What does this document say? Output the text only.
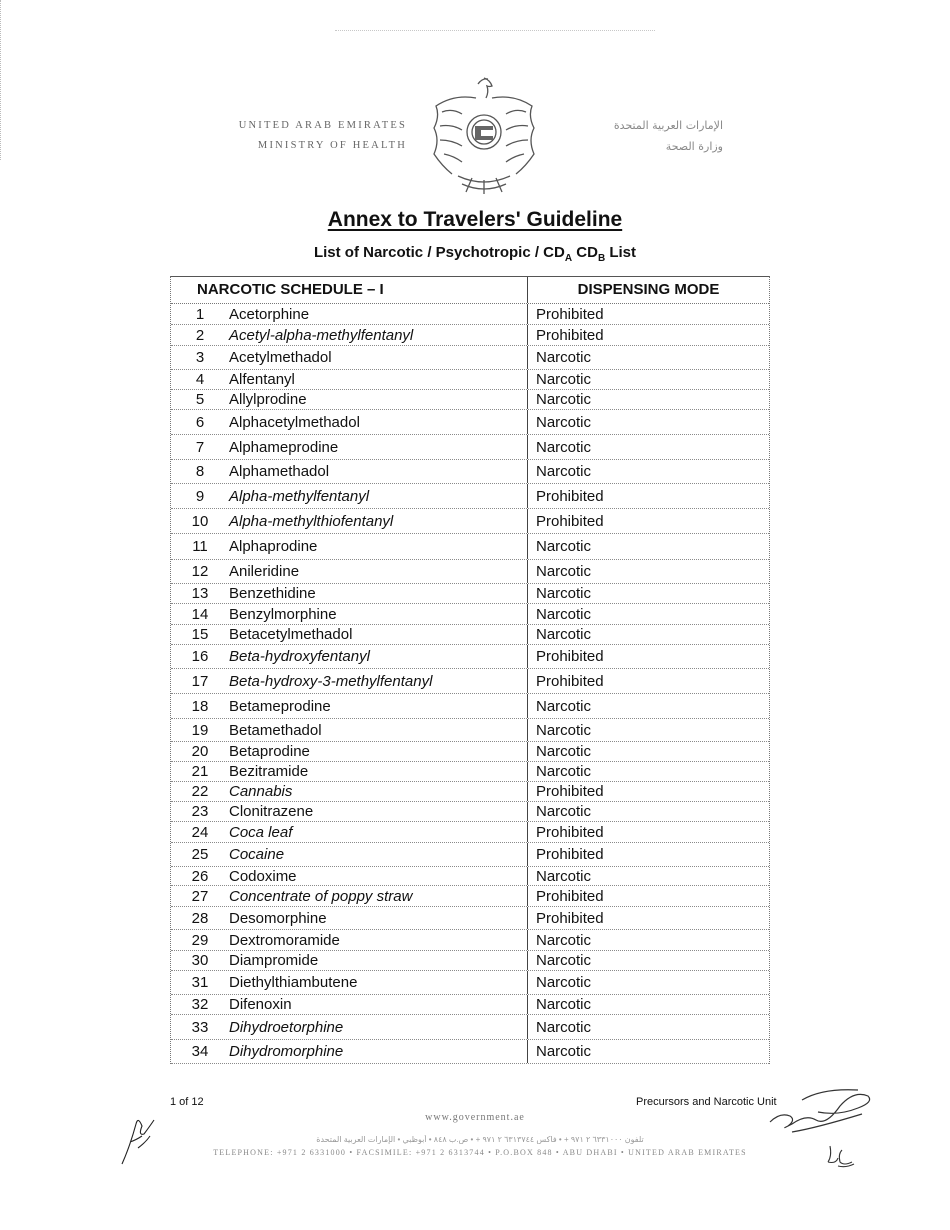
UNITED ARAB EMIRATES
MINISTRY OF HEALTH
الإمارات العربية المتحدة
وزارة الصحة
Annex to Travelers' Guideline
List of Narcotic / Psychotropic / $CD_A$ $CD_B$ List
NARCOTIC SCHEDULE – I	DISPENSING MODE
1	Acetorphine	Prohibited
2	Acetyl-alpha-methylfentanyl	Prohibited
3	Acetylmethadol	Narcotic
4	Alfentanyl	Narcotic
5	Allylprodine	Narcotic
6	Alphacetylmethadol	Narcotic
7	Alphameprodine	Narcotic
8	Alphamethadol	Narcotic
9	Alpha-methylfentanyl	Prohibited
10	Alpha-methylthiofentanyl	Prohibited
11	Alphaprodine	Narcotic
12	Anileridine	Narcotic
13	Benzethidine	Narcotic
14	Benzylmorphine	Narcotic
15	Betacetylmethadol	Narcotic
16	Beta-hydroxyfentanyl	Prohibited
17	Beta-hydroxy-3-methylfentanyl	Prohibited
18	Betameprodine	Narcotic
19	Betamethadol	Narcotic
20	Betaprodine	Narcotic
21	Bezitramide	Narcotic
22	Cannabis	Prohibited
23	Clonitrazene	Narcotic
24	Coca leaf	Prohibited
25	Cocaine	Prohibited
26	Codoxime	Narcotic
27	Concentrate of poppy straw	Prohibited
28	Desomorphine	Prohibited
29	Dextromoramide	Narcotic
30	Diampromide	Narcotic
31	Diethylthiambutene	Narcotic
32	Difenoxin	Narcotic
33	Dihydroetorphine	Narcotic
34	Dihydromorphine	Narcotic
1 of 12	Precursors and Narcotic Unit
www.government.ae
تلفون ٦٣٣١٠٠٠ ٢ ٩٧١ + • فاكس ٦٣١٣٧٤٤ ٢ ٩٧١ + • ص.ب ٨٤٨ • أبوظبي • الإمارات العربية المتحدة
TELEPHONE: +971 2 6331000 • FACSIMILE: +971 2 6313744 • P.O.BOX 848 • ABU DHABI • UNITED ARAB EMIRATES
